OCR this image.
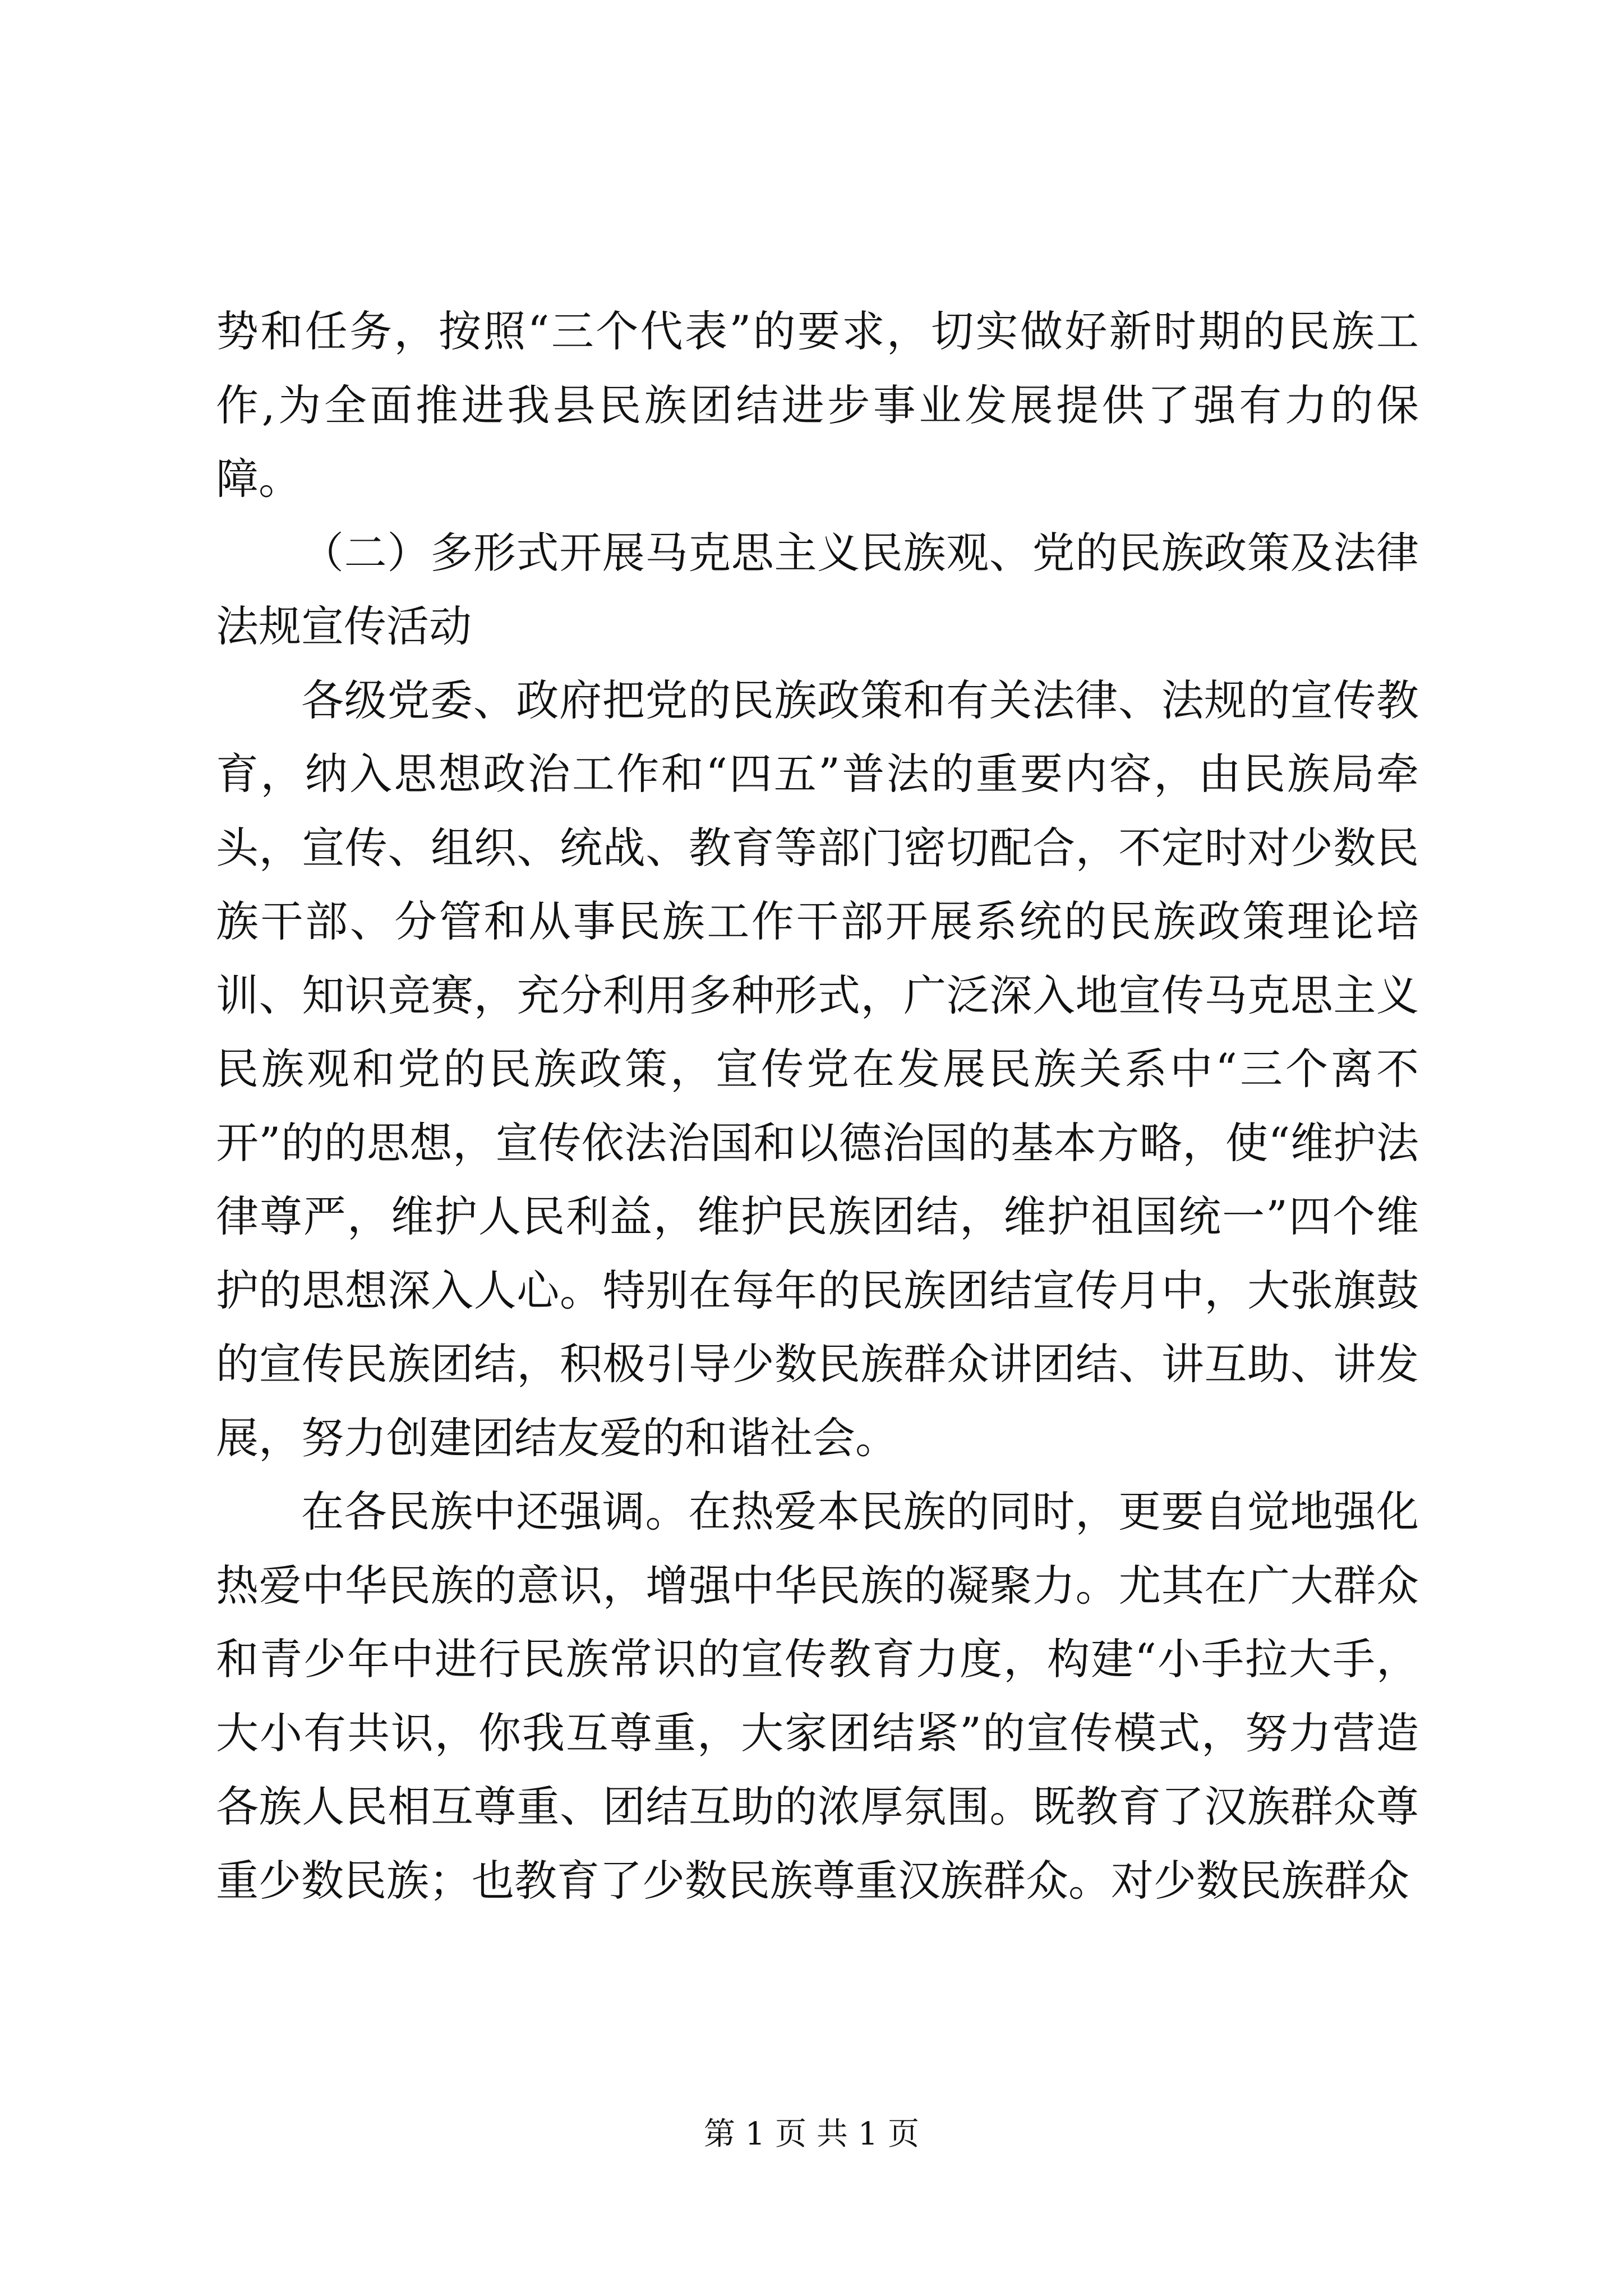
势和任务，按照“三个代表”的要求，切实做好新时期的民族工作,为全面推进我县民族团结进步事业发展提供了强有力的保障。

（二）多形式开展马克思主义民族观、党的民族政策及法律法规宣传活动

各级党委、政府把党的民族政策和有关法律、法规的宣传教育，纳入思想政治工作和“四五”普法的重要内容，由民族局牵头，宣传、组织、统战、教育等部门密切配合，不定时对少数民族干部、分管和从事民族工作干部开展系统的民族政策理论培训、知识竞赛，充分利用多种形式，广泛深入地宣传马克思主义民族观和党的民族政策，宣传党在发展民族关系中“三个离不开”的的思想，宣传依法治国和以德治国的基本方略，使“维护法律尊严，维护人民利益，维护民族团结，维护祖国统一”四个维护的思想深入人心。特别在每年的民族团结宣传月中，大张旗鼓的宣传民族团结，积极引导少数民族群众讲团结、讲互助、讲发展，努力创建团结友爱的和谐社会。

在各民族中还强调。在热爱本民族的同时，更要自觉地强化热爱中华民族的意识，增强中华民族的凝聚力。尤其在广大群众和青少年中进行民族常识的宣传教育力度，构建“小手拉大手，大小有共识，你我互尊重，大家团结紧”的宣传模式，努力营造各族人民相互尊重、团结互助的浓厚氛围。既教育了汉族群众尊重少数民族；也教育了少数民族尊重汉族群众。对少数民族群众

第 1 页 共 1 页
